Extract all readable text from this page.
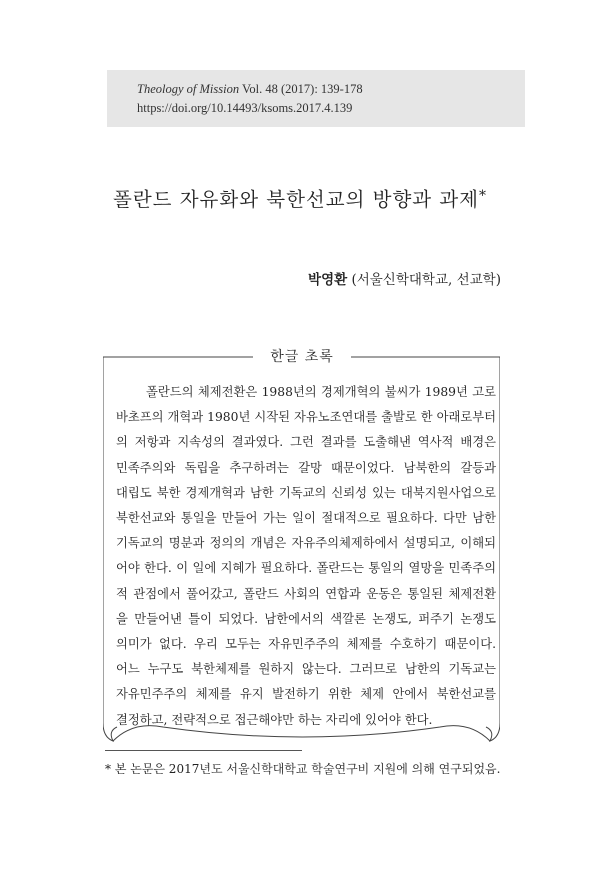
Theology of Mission Vol. 48 (2017): 139-178
https://doi.org/10.14493/ksoms.2017.4.139
폴란드 자유화와 북한선교의 방향과 과제*
박영환 (서울신학대학교, 선교학)
한글 초록
폴란드의 체제전환은 1988년의 경제개혁의 불씨가 1989년 고로
바초프의 개혁과 1980년 시작된 자유노조연대를 출발로 한 아래로부터
의 저항과 지속성의 결과였다. 그런 결과를 도출해낸 역사적 배경은
민족주의와 독립을 추구하려는 갈망 때문이었다. 남북한의 갈등과
대립도 북한 경제개혁과 남한 기독교의 신뢰성 있는 대북지원사업으로
북한선교와 통일을 만들어 가는 일이 절대적으로 필요하다. 다만 남한
기독교의 명분과 정의의 개념은 자유주의체제하에서 설명되고, 이해되
어야 한다. 이 일에 지혜가 필요하다. 폴란드는 통일의 열망을 민족주의
적 관점에서 풀어갔고, 폴란드 사회의 연합과 운동은 통일된 체제전환
을 만들어낸 틀이 되었다. 남한에서의 색깔론 논쟁도, 퍼주기 논쟁도
의미가 없다. 우리 모두는 자유민주주의 체제를 수호하기 때문이다.
어느 누구도 북한체제를 원하지 않는다. 그러므로 남한의 기독교는
자유민주주의 체제를 유지 발전하기 위한 체제 안에서 북한선교를
결정하고, 전략적으로 접근해야만 하는 자리에 있어야 한다.
* 본 논문은 2017년도 서울신학대학교 학술연구비 지원에 의해 연구되었음.
